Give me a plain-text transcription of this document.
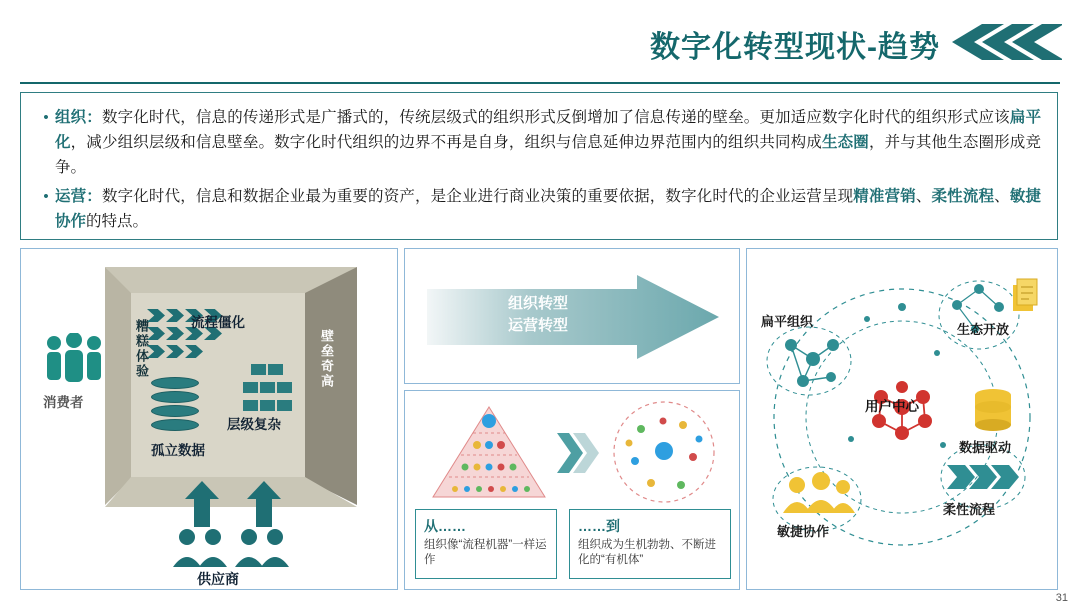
数字化转型现状-趋势
• 组织：数字化时代，信息的传递形式是广播式的，传统层级式的组织形式反倒增加了信息传递的壁垒。更加适应数字化时代的组织形式应该扁平化，减少组织层级和信息壁垒。数字化时代组织的边界不再是自身，组织与信息延伸边界范围内的组织共同构成生态圈，并与其他生态圈形成竞争。
• 运营：数字化时代，信息和数据企业最为重要的资产，是企业进行商业决策的重要依据，数字化时代的企业运营呈现精准营销、柔性流程、敏捷协作的特点。
消费者
糟糕体验	壁垒奇高

流程僵化

层级复杂
孤立数据
供应商
组织转型
运营转型
从……
组织像“流程机器”一样运作
……到
组织成为生机勃勃、不断进化的“有机体”
扁平组织
生态开放
数据驱动
柔性流程
敏捷协作
用户中心
31
